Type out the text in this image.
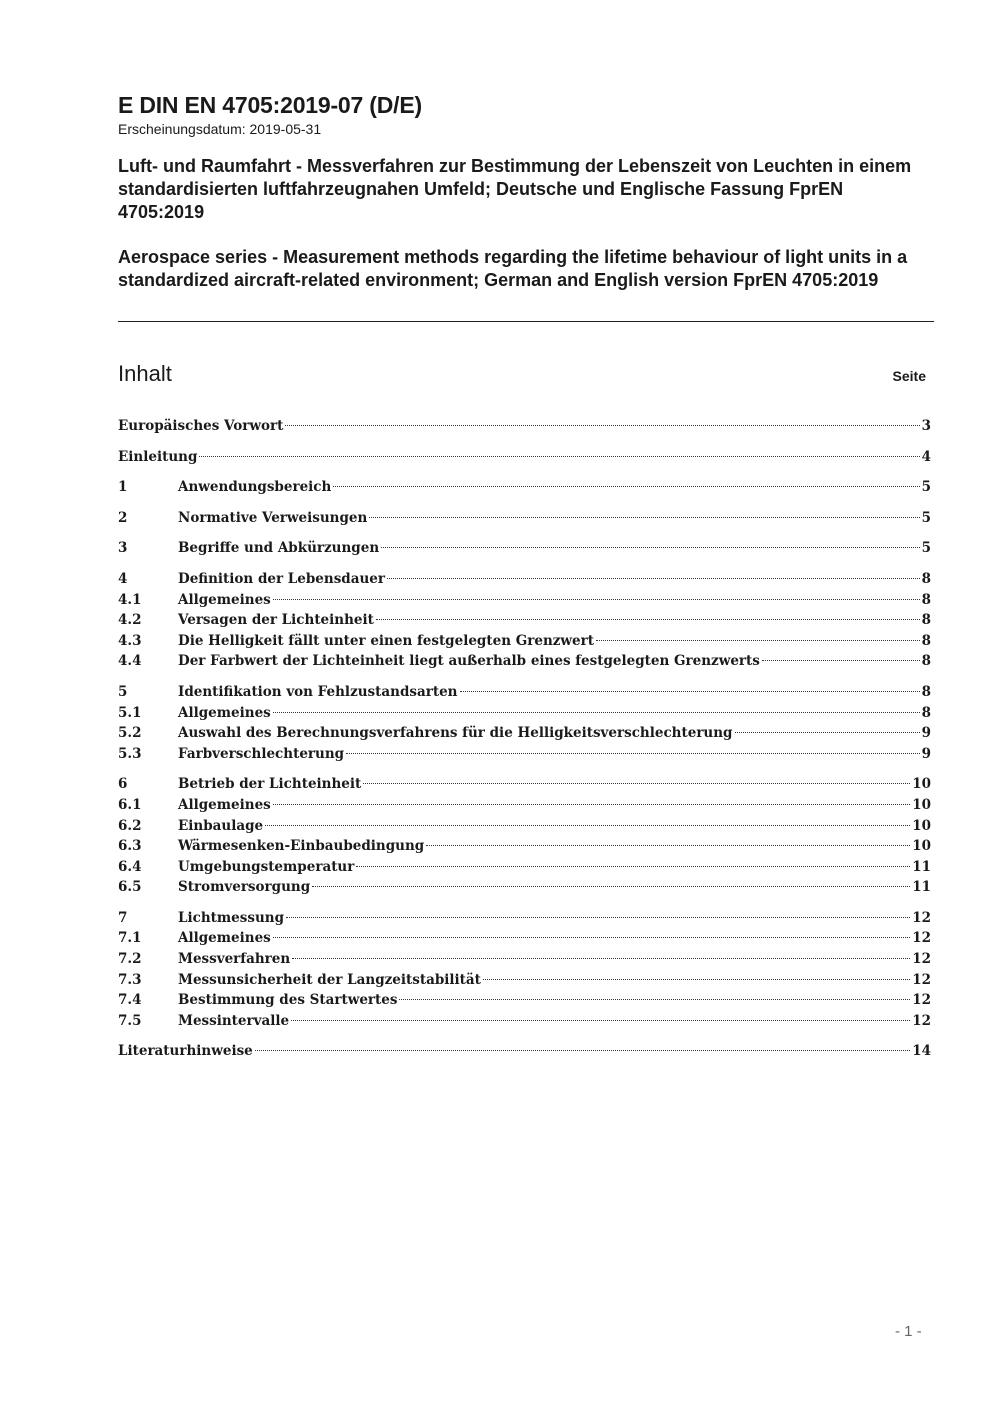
E DIN EN 4705:2019-07 (D/E)

Erscheinungsdatum: 2019-05-31

Luft- und Raumfahrt - Messverfahren zur Bestimmung der Lebenszeit von Leuchten in einem standardisierten luftfahrzeugnahen Umfeld; Deutsche und Englische Fassung FprEN 4705:2019

Aerospace series - Measurement methods regarding the lifetime behaviour of light units in a standardized aircraft-related environment; German and English version FprEN 4705:2019

Inhalt	Seite
Europäisches Vorwort	3
Einleitung	4
1	Anwendungsbereich	5
2	Normative Verweisungen	5
3	Begriffe und Abkürzungen	5
4	Definition der Lebensdauer	8
4.1	Allgemeines	8
4.2	Versagen der Lichteinheit	8
4.3	Die Helligkeit fällt unter einen festgelegten Grenzwert	8
4.4	Der Farbwert der Lichteinheit liegt außerhalb eines festgelegten Grenzwerts	8
5	Identifikation von Fehlzustandsarten	8
5.1	Allgemeines	8
5.2	Auswahl des Berechnungsverfahrens für die Helligkeitsverschlechterung	9
5.3	Farbverschlechterung	9
6	Betrieb der Lichteinheit	10
6.1	Allgemeines	10
6.2	Einbaulage	10
6.3	Wärmesenken-Einbaubedingung	10
6.4	Umgebungstemperatur	11
6.5	Stromversorgung	11
7	Lichtmessung	12
7.1	Allgemeines	12
7.2	Messverfahren	12
7.3	Messunsicherheit der Langzeitstabilität	12
7.4	Bestimmung des Startwertes	12
7.5	Messintervalle	12
Literaturhinweise	14
- 1 -
